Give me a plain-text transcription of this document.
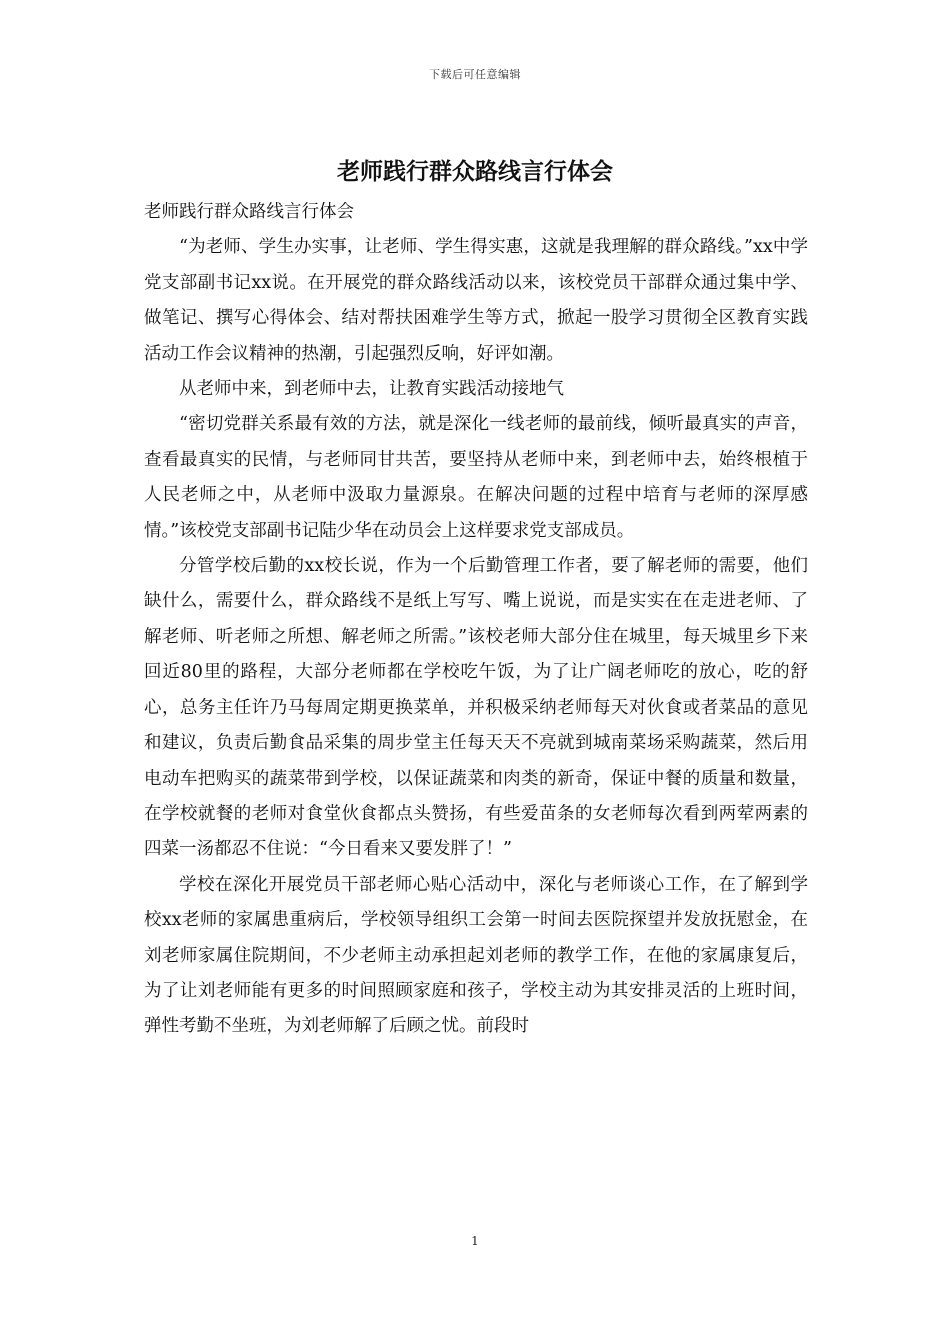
下载后可任意编辑
老师践行群众路线言行体会

老师践行群众路线言行体会

“为老师、学生办实事，让老师、学生得实惠，这就是我理解的群众路线。”xx中学党支部副书记xx说。在开展党的群众路线活动以来，该校党员干部群众通过集中学、做笔记、撰写心得体会、结对帮扶困难学生等方式，掀起一股学习贯彻全区教育实践活动工作会议精神的热潮，引起强烈反响，好评如潮。

从老师中来，到老师中去，让教育实践活动接地气

“密切党群关系最有效的方法，就是深化一线老师的最前线，倾听最真实的声音，查看最真实的民情，与老师同甘共苦，要坚持从老师中来，到老师中去，始终根植于人民老师之中，从老师中汲取力量源泉。在解决问题的过程中培育与老师的深厚感情。”该校党支部副书记陆少华在动员会上这样要求党支部成员。

分管学校后勤的xx校长说，作为一个后勤管理工作者，要了解老师的需要，他们缺什么，需要什么，群众路线不是纸上写写、嘴上说说，而是实实在在走进老师、了解老师、听老师之所想、解老师之所需。”该校老师大部分住在城里，每天城里乡下来回近80里的路程，大部分老师都在学校吃午饭，为了让广阔老师吃的放心，吃的舒心，总务主任许乃马每周定期更换菜单，并积极采纳老师每天对伙食或者菜品的意见和建议，负责后勤食品采集的周步堂主任每天天不亮就到城南菜场采购蔬菜，然后用电动车把购买的蔬菜带到学校，以保证蔬菜和肉类的新奇，保证中餐的质量和数量，在学校就餐的老师对食堂伙食都点头赞扬，有些爱苗条的女老师每次看到两荤两素的四菜一汤都忍不住说：“今日看来又要发胖了！”

学校在深化开展党员干部老师心贴心活动中，深化与老师谈心工作，在了解到学校xx老师的家属患重病后，学校领导组织工会第一时间去医院探望并发放抚慰金，在刘老师家属住院期间，不少老师主动承担起刘老师的教学工作，在他的家属康复后，为了让刘老师能有更多的时间照顾家庭和孩子，学校主动为其安排灵活的上班时间，弹性考勤不坐班，为刘老师解了后顾之忧。前段时

1
